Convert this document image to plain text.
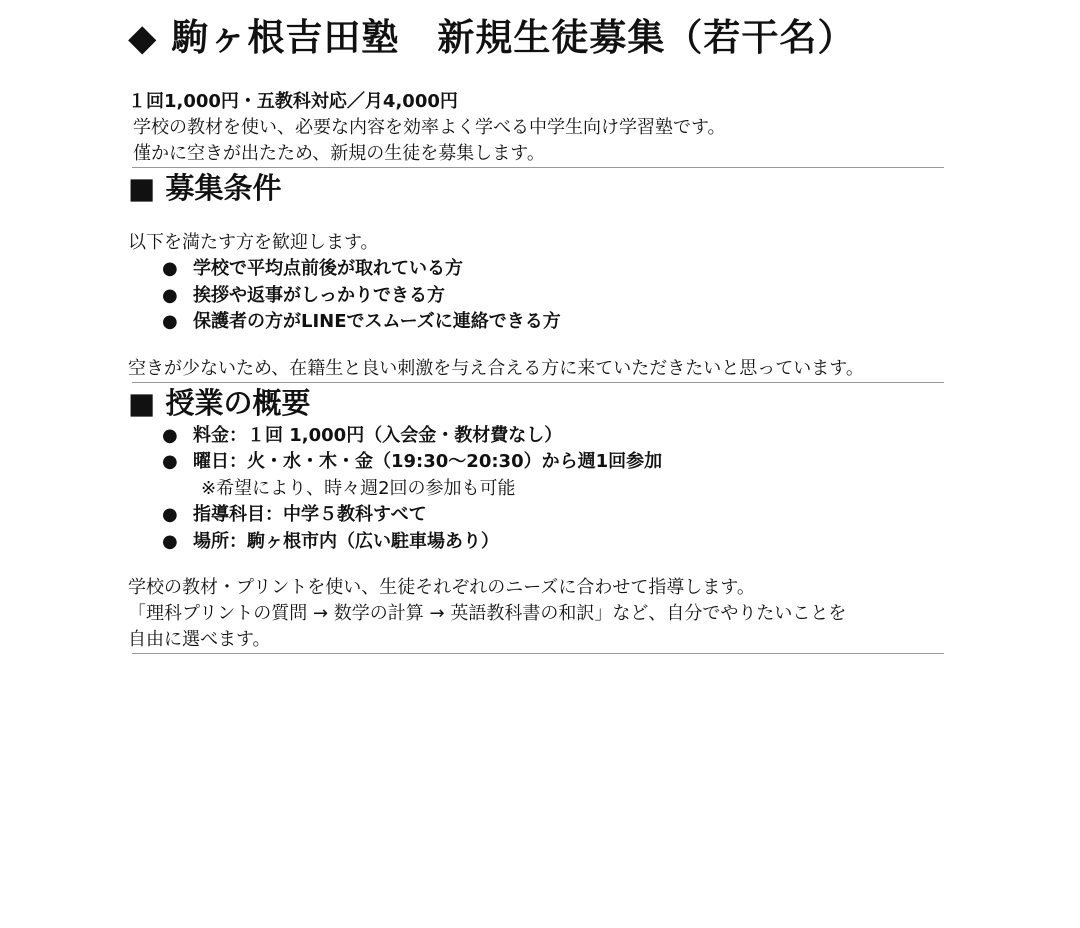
◆ 駒ヶ根吉田塾　新規生徒募集（若干名）
１回1,000円・五教科対応／月4,000円
学校の教材を使い、必要な内容を効率よく学べる中学生向け学習塾です。
僅かに空きが出たため、新規の生徒を募集します。
■ 募集条件

以下を満たす方を歓迎します。

● 学校で平均点前後が取れている方
● 挨拶や返事がしっかりできる方
● 保護者の方がLINEでスムーズに連絡できる方

空きが少ないため、在籍生と良い刺激を与え合える方に来ていただきたいと思っています。

■ 授業の概要
● 料金：１回 1,000円（入会金・教材費なし）
● 曜日：火・水・木・金（19:30〜20:30）から週1回参加
※希望により、時々週2回の参加も可能
● 指導科目：中学５教科すべて
● 場所：駒ヶ根市内（広い駐車場あり）

学校の教材・プリントを使い、生徒それぞれのニーズに合わせて指導します。

「理科プリントの質問 → 数学の計算 → 英語教科書の和訳」など、自分でやりたいことを

自由に選べます。
